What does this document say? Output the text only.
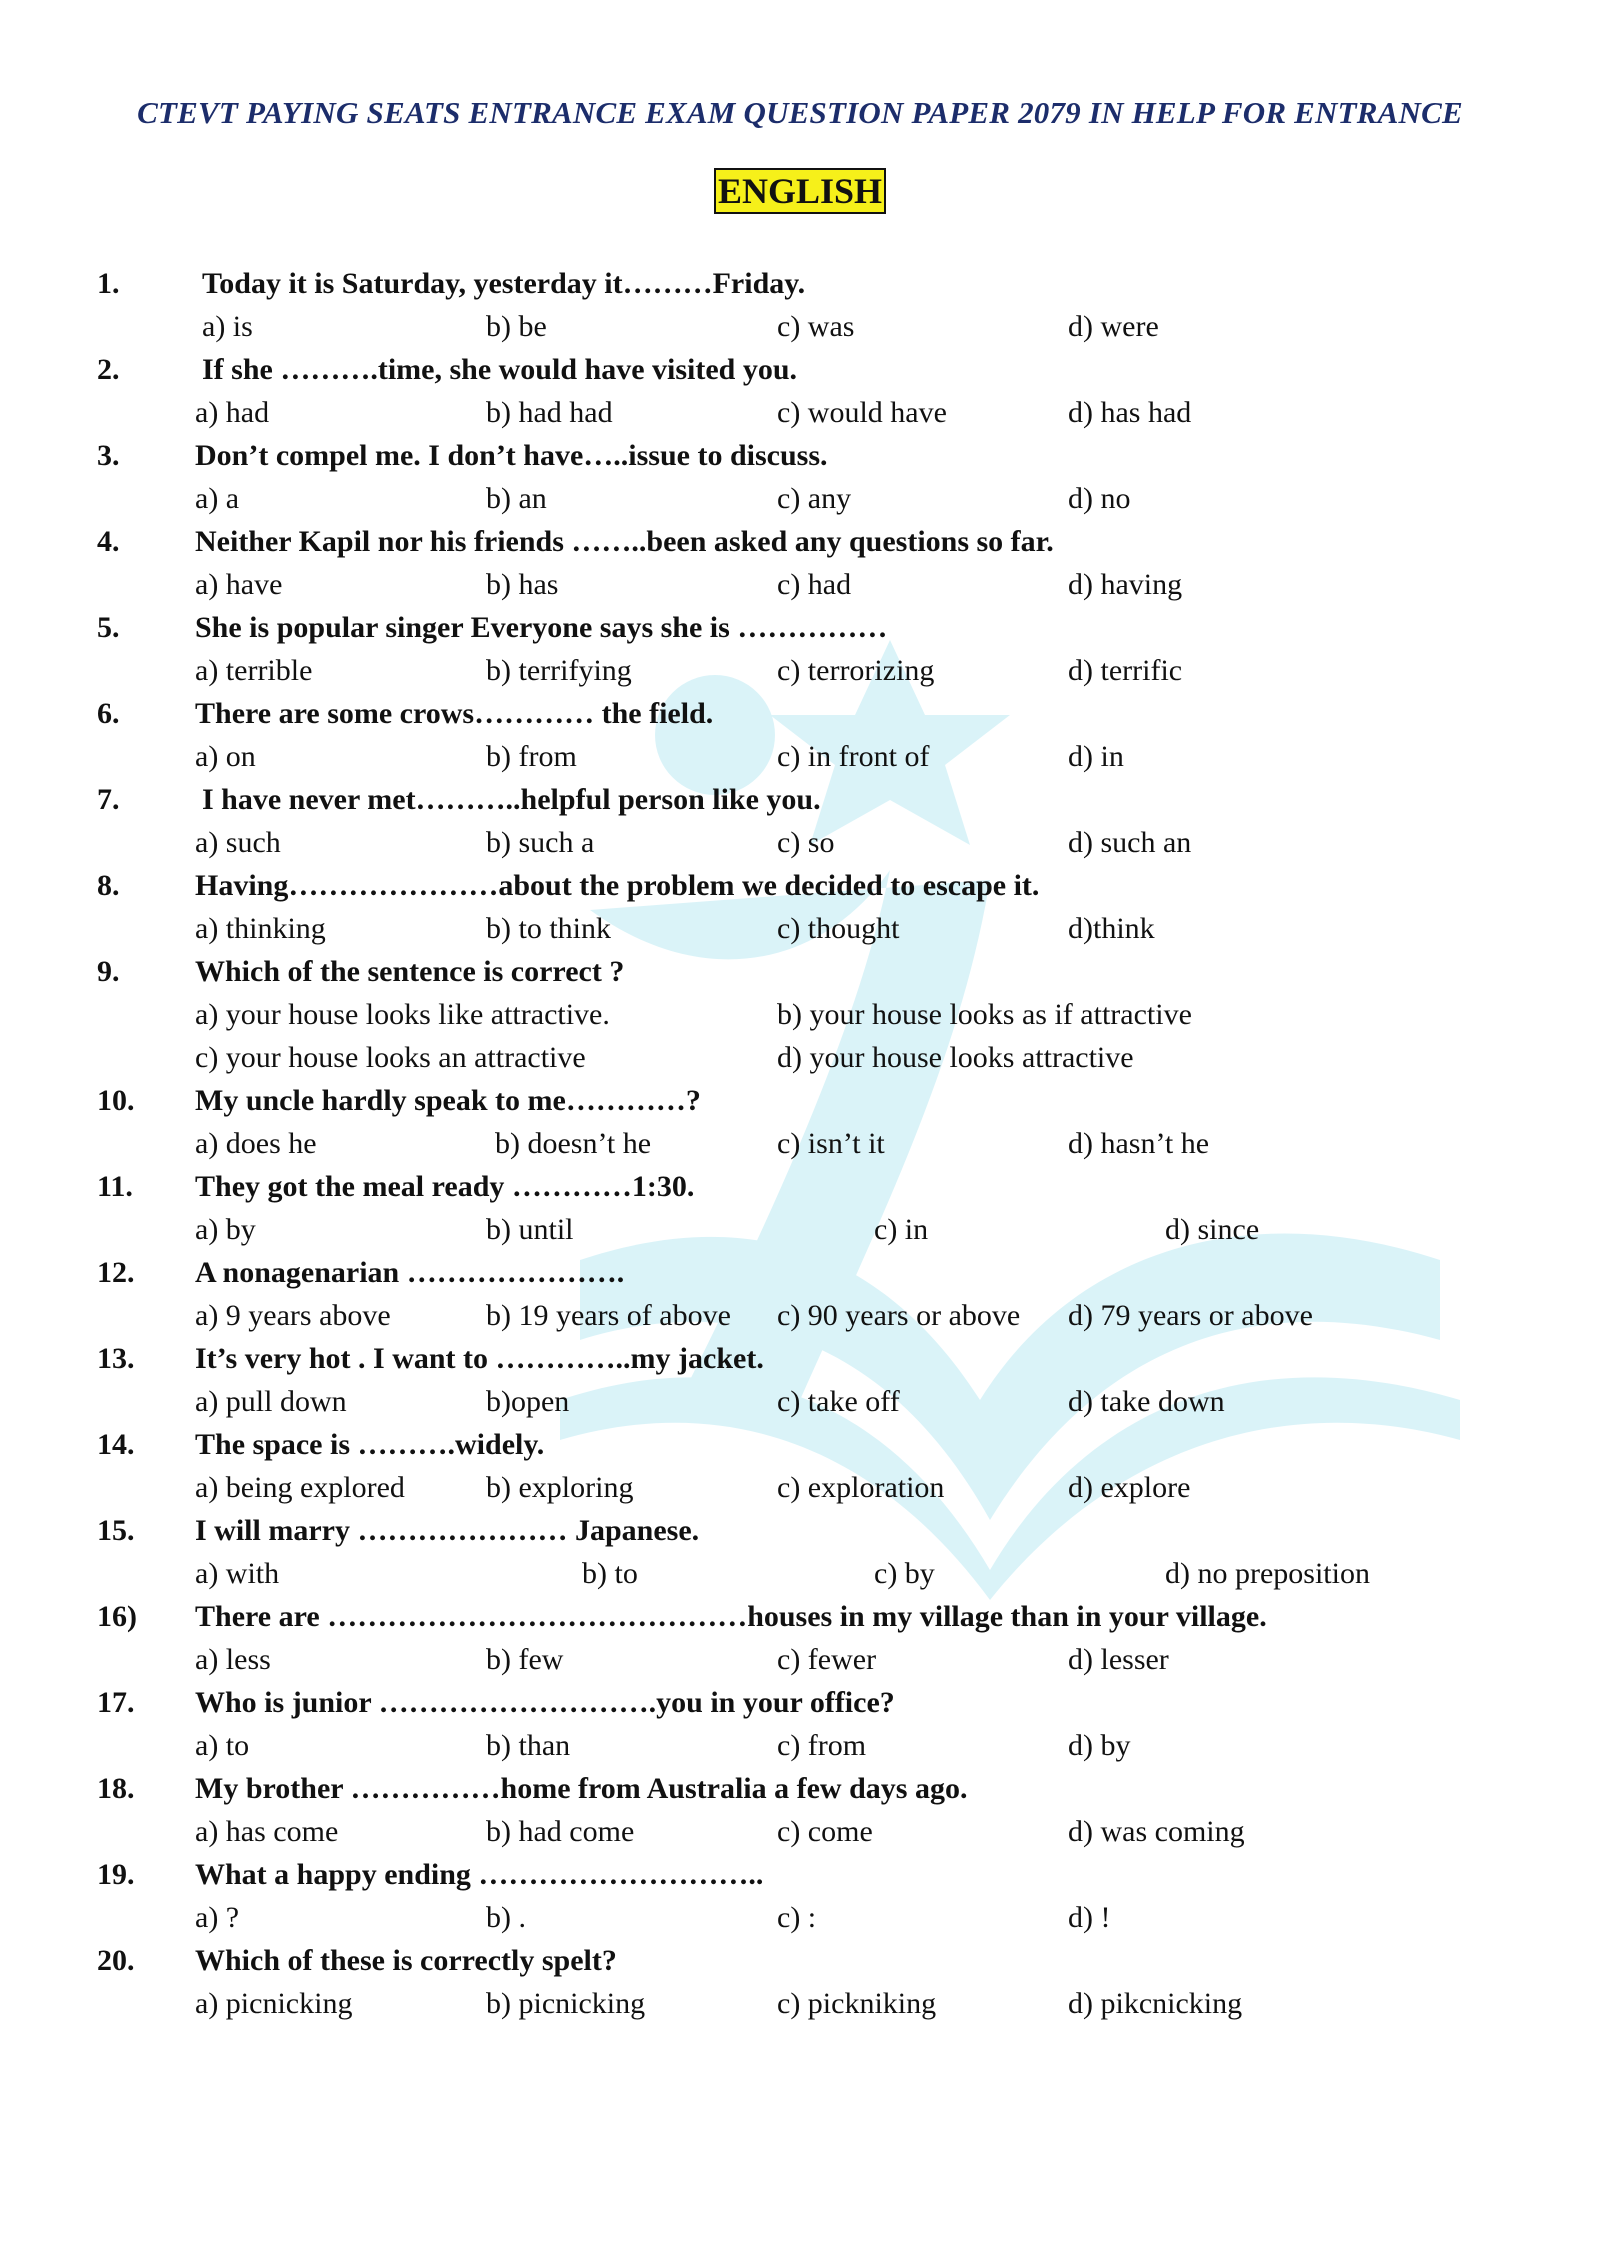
CTEVT PAYING SEATS ENTRANCE EXAM QUESTION PAPER 2079 IN HELP FOR ENTRANCE
ENGLISH
1.	Today it is Saturday, yesterday it………Friday.
a) is	b) be	c) was	d) were
2.	If she ……….time, she would have visited you.
a) had	b) had had	c) would have	d) has had
3.	Don’t compel me. I don’t have…..issue to discuss.
a) a	b) an	c) any	d) no
4.	Neither Kapil nor his friends ……..been asked any questions so far.
a) have	b) has	c) had	d) having
5.	She is popular singer Everyone says she is ……………
a) terrible	b) terrifying	c) terrorizing	d) terrific
6.	There are some crows………… the field.
a) on	b) from	c) in front of	d) in
7.	I have never met………..helpful person like you.
a) such	b) such a	c) so	d) such an
8.	Having…………………about the problem we decided to escape it.
a) thinking	b) to think	c) thought	d)think
9.	Which of the sentence is correct ?
a) your house looks like attractive.	b) your house looks as if attractive
c) your house looks an attractive	d) your house looks attractive
10.	My uncle hardly speak to me…………?
a) does he	b) doesn’t he	c) isn’t it	d) hasn’t he
11.	They got the meal ready …………1:30.
a) by	b) until	c) in	d) since
12.	A nonagenarian ………………….
a) 9 years above	b) 19 years of above c) 90 years or above d) 79 years or above
13.	It’s very hot . I want to …………..my jacket.
a) pull down	b)open	c) take off	d) take down
14.	The space is ……….widely.
a) being explored	b) exploring	c) exploration	d) explore
15.	I will marry ………………… Japanese.
a) with	b) to	c) by	d) no preposition
16)	There are ……………………………………houses in my village than in your village.
a) less	b) few	c) fewer	d) lesser
17.	Who is junior ……………………….you in your office?
a) to	b) than	c) from	d) by
18.	My brother ……………home from Australia a few days ago.
a) has come	b) had come	c) come	d) was coming
19.	What a happy ending ………………………..
a) ?	b) .	c) :	d) !
20.	Which of these is correctly spelt?
a) picnicking	b) picnicking	c) pickniking	d) pikcnicking
